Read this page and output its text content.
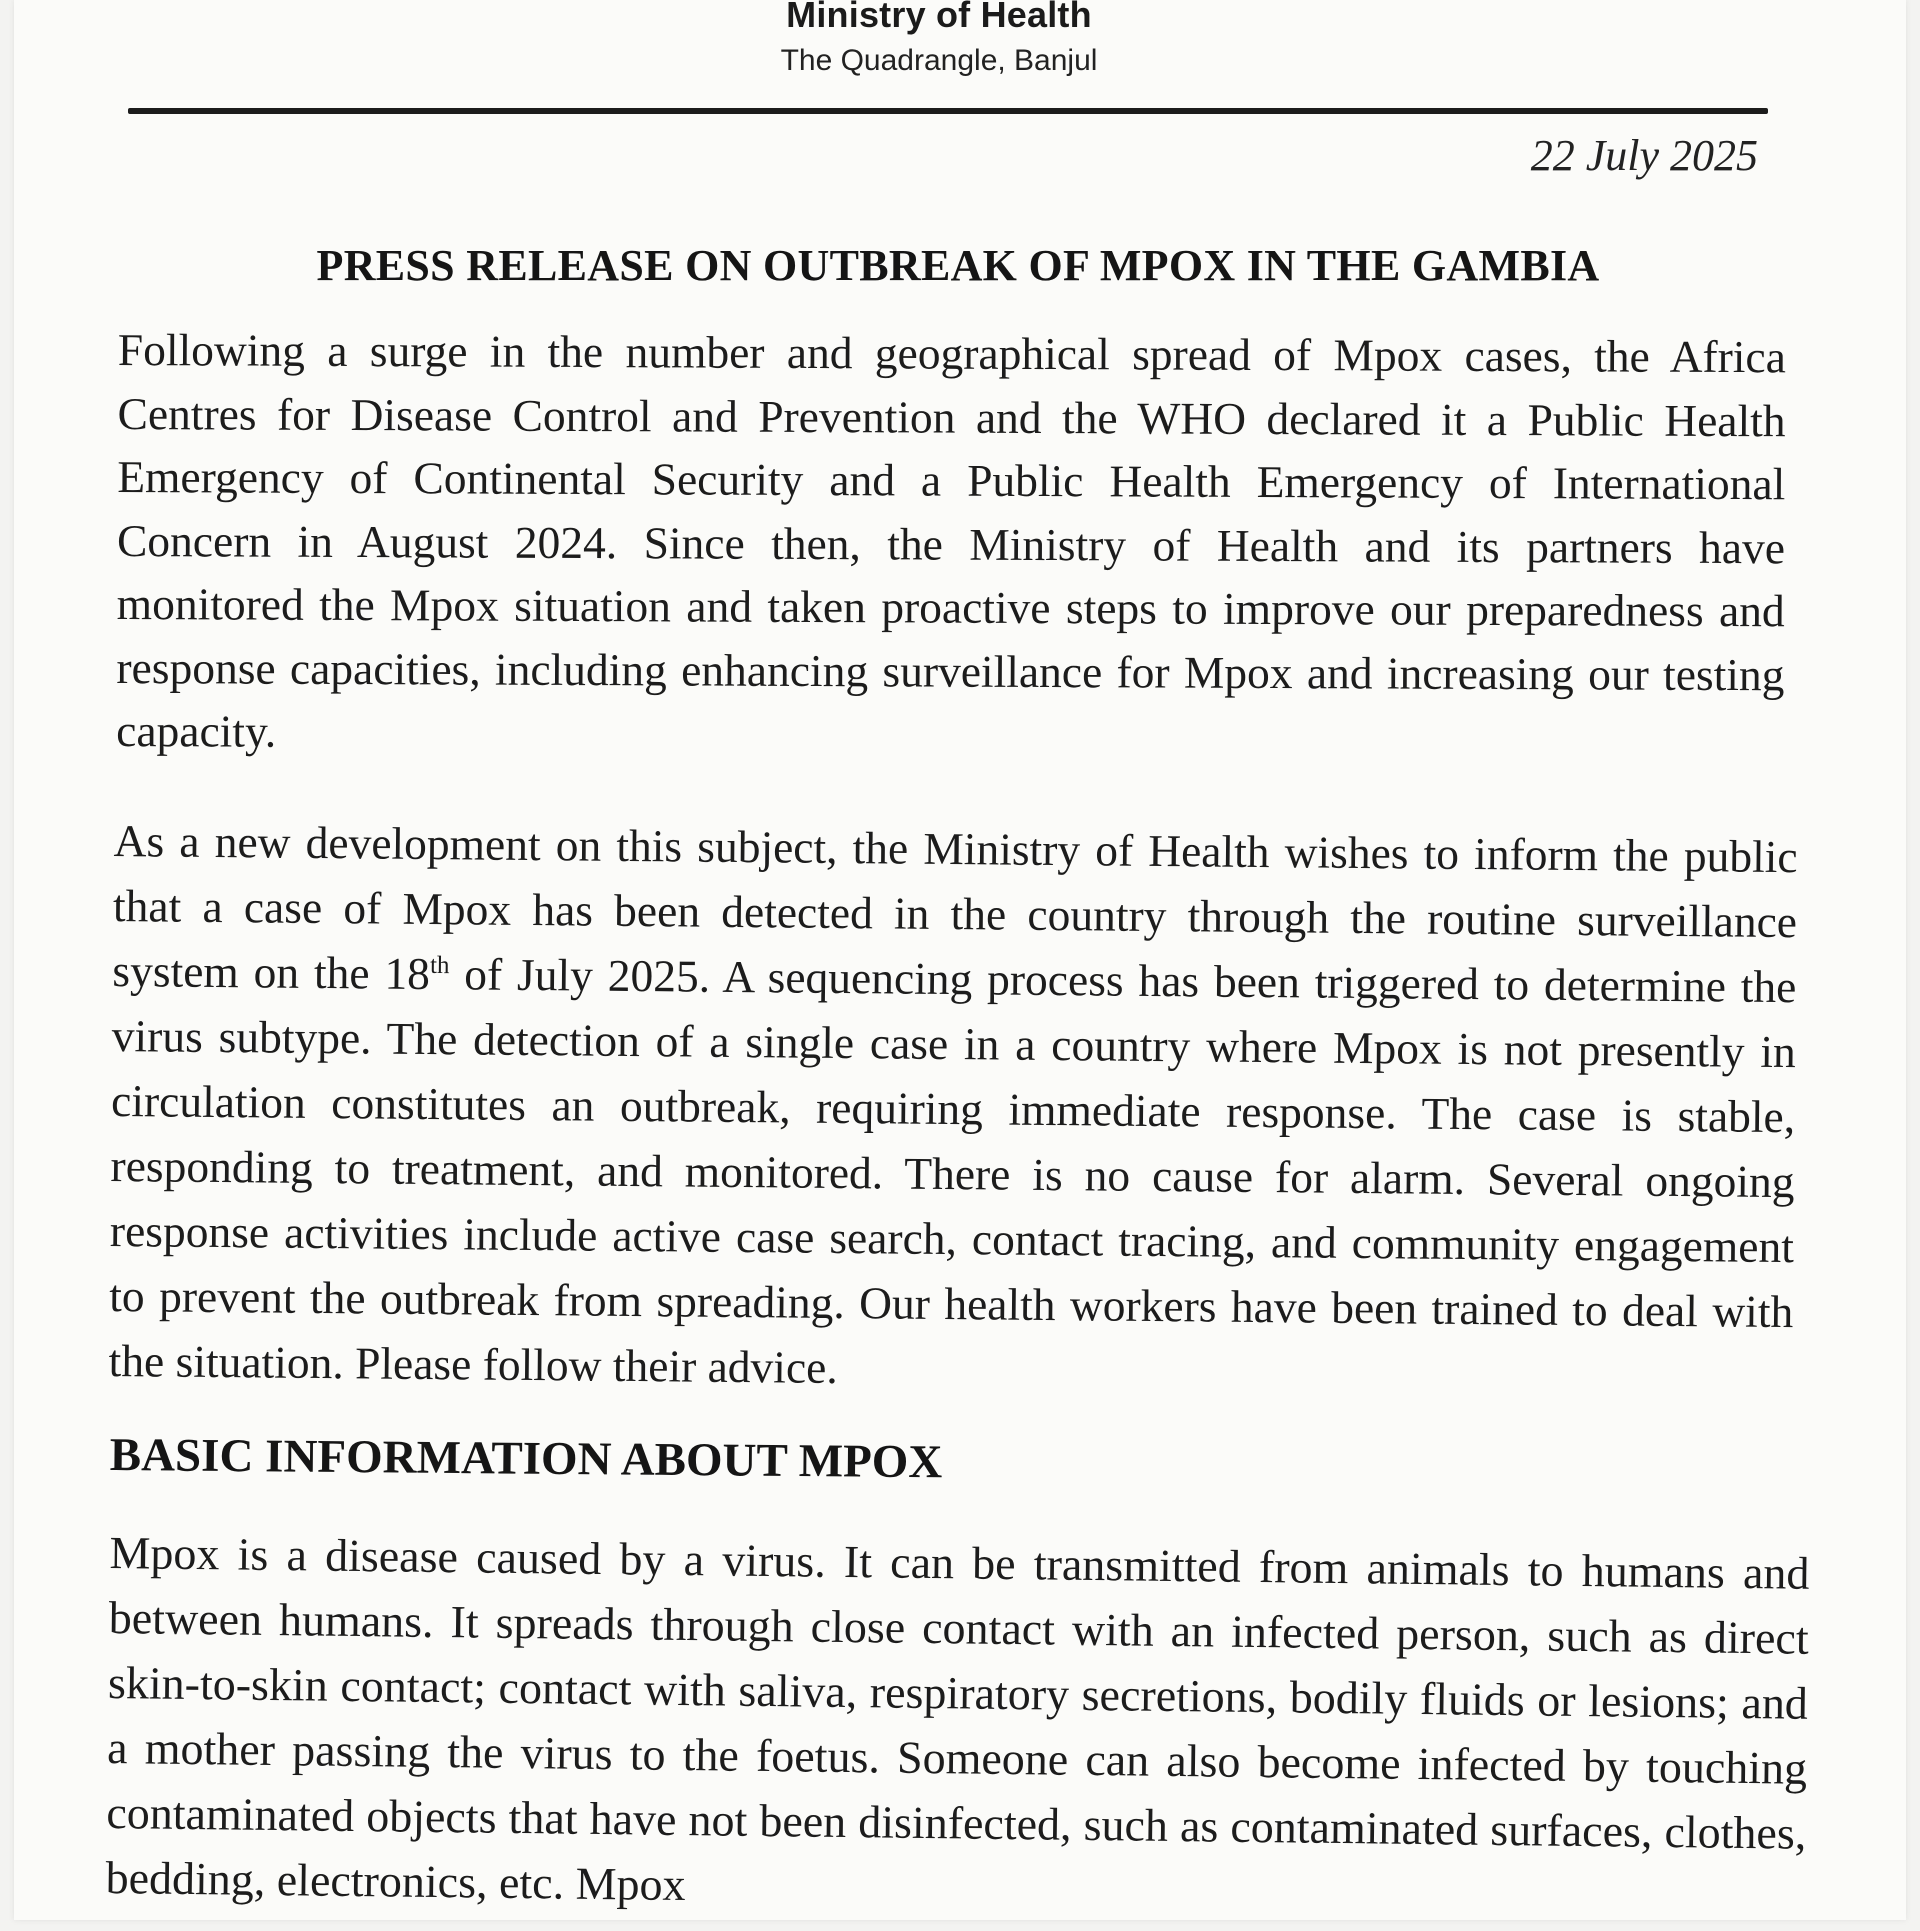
Ministry of Health
The Quadrangle, Banjul
22 July 2025
PRESS RELEASE ON OUTBREAK OF MPOX IN THE GAMBIA

Following a surge in the number and geographical spread of Mpox cases, the Africa Centres for Disease Control and Prevention and the WHO declared it a Public Health Emergency of Continental Security and a Public Health Emergency of International Concern in August 2024. Since then, the Ministry of Health and its partners have monitored the Mpox situation and taken proactive steps to improve our preparedness and response capacities, including enhancing surveillance for Mpox and increasing our testing capacity.

As a new development on this subject, the Ministry of Health wishes to inform the public that a case of Mpox has been detected in the country through the routine surveillance system on the 18th of July 2025. A sequencing process has been triggered to determine the virus subtype. The detection of a single case in a country where Mpox is not presently in circulation constitutes an outbreak, requiring immediate response. The case is stable, responding to treatment, and monitored. There is no cause for alarm. Several ongoing response activities include active case search, contact tracing, and community engagement to prevent the outbreak from spreading. Our health workers have been trained to deal with the situation. Please follow their advice.

BASIC INFORMATION ABOUT MPOX

Mpox is a disease caused by a virus. It can be transmitted from animals to humans and between humans. It spreads through close contact with an infected person, such as direct skin-to-skin contact; contact with saliva, respiratory secretions, bodily fluids or lesions; and a mother passing the virus to the foetus. Someone can also become infected by touching contaminated objects that have not been disinfected, such as contaminated surfaces, clothes, bedding, electronics, etc. Mpox
